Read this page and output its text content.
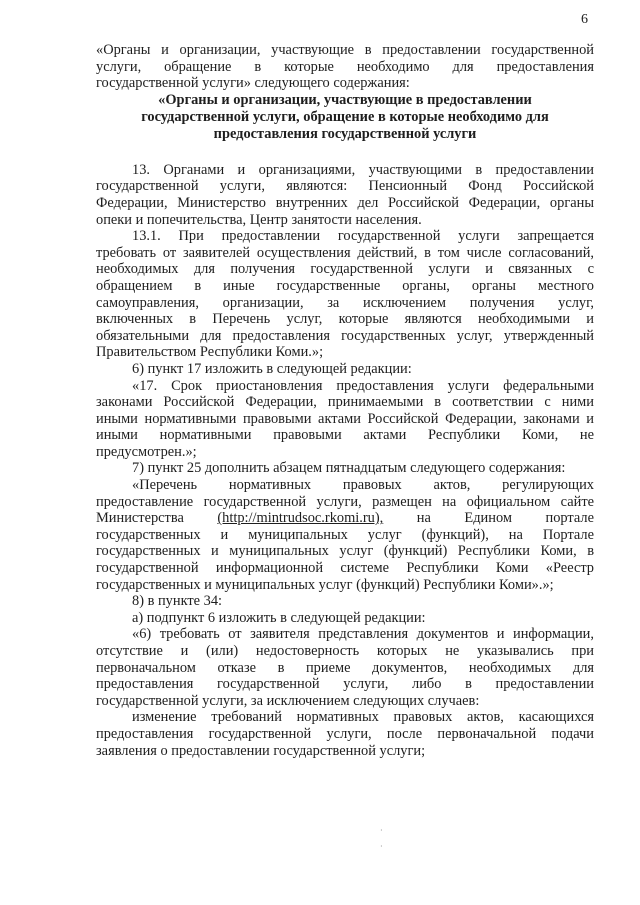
6

«Органы и организации, участвующие в предоставлении государственной

услуги, обращение в которые необходимо для предоставления

государственной услуги» следующего содержания:

«Органы и организации, участвующие в предоставлении

государственной услуги, обращение в которые необходимо для

предоставления государственной услуги

13. Органами и организациями, участвующими в предоставлении

государственной услуги, являются: Пенсионный Фонд Российской

Федерации, Министерство внутренних дел Российской Федерации, органы

опеки и попечительства, Центр занятости населения.

13.1. При предоставлении государственной услуги запрещается

требовать от заявителей осуществления действий, в том числе согласований,

необходимых для получения государственной услуги и связанных с

обращением в иные государственные органы, органы местного

самоуправления, организации, за исключением получения услуг,

включенных в Перечень услуг, которые являются необходимыми и

обязательными для предоставления государственных услуг, утвержденный

Правительством Республики Коми.»;

6) пункт 17 изложить в следующей редакции:

«17. Срок приостановления предоставления услуги федеральными

законами Российской Федерации, принимаемыми в соответствии с ними

иными нормативными правовыми актами Российской Федерации, законами и

иными нормативными правовыми актами Республики Коми, не

предусмотрен.»;

7) пункт 25 дополнить абзацем пятнадцатым следующего содержания:

«Перечень нормативных правовых актов, регулирующих

предоставление государственной услуги, размещен на официальном сайте

Министерства (http://mintrudsoc.rkomi.ru), на Едином портале

государственных и муниципальных услуг (функций), на Портале

государственных и муниципальных услуг (функций) Республики Коми, в

государственной информационной системе Республики Коми «Реестр

государственных и муниципальных услуг (функций) Республики Коми».»;

8) в пункте 34:

а) подпункт 6 изложить в следующей редакции:

«6) требовать от заявителя представления документов и информации,

отсутствие и (или) недостоверность которых не указывались при

первоначальном отказе в приеме документов, необходимых для

предоставления государственной услуги, либо в предоставлении

государственной услуги, за исключением следующих случаев:

изменение требований нормативных правовых актов, касающихся

предоставления государственной услуги, после первоначальной подачи

заявления о предоставлении государственной услуги;

·
·
